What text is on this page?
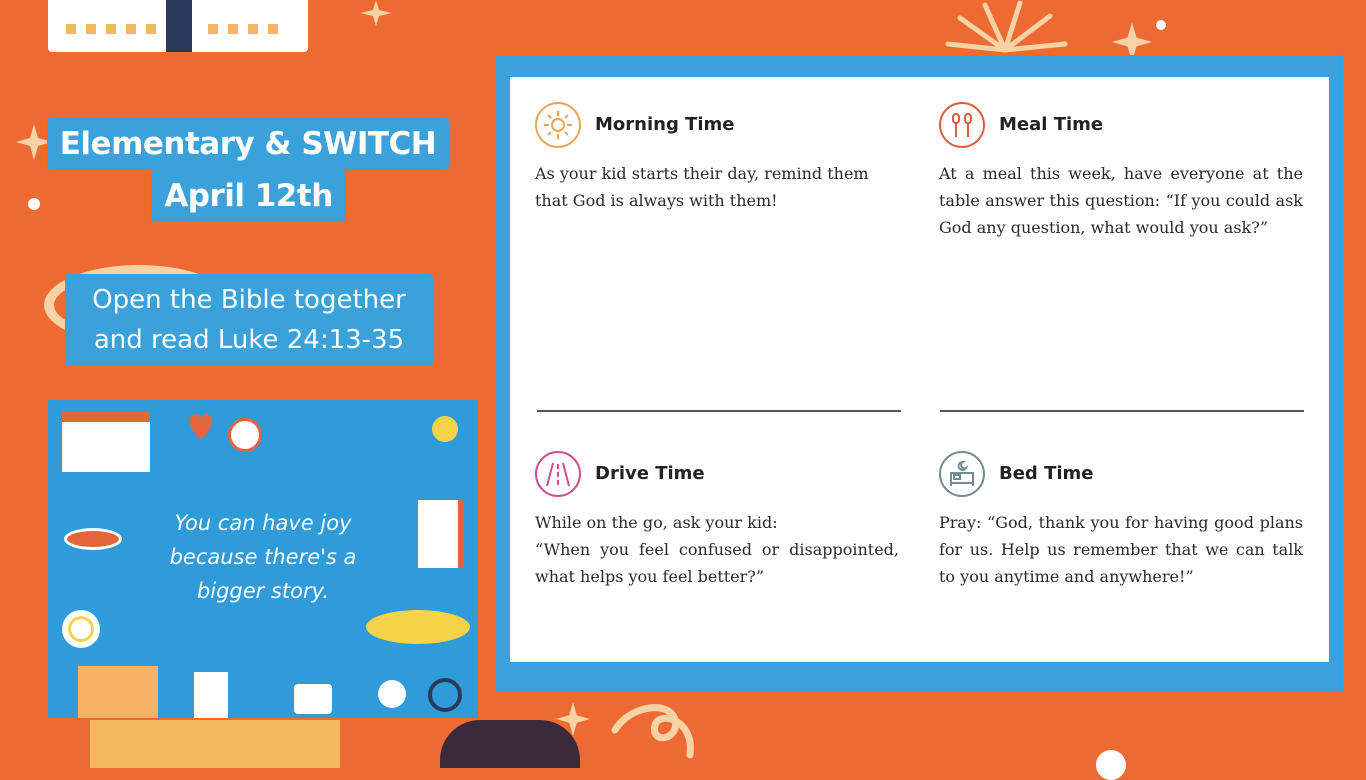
Elementary & SWITCH
April 12th
Open the Bible together
and read Luke 24:13-35
You can have joy
because there's a
bigger story.
Morning Time
As your kid starts their day, remind them that God is always with them!
Meal Time
At a meal this week, have everyone at the table answer this question: “If you could ask God any question, what would you ask?”
Drive Time
While on the go, ask your kid:
“When you feel confused or disappointed, what helps you feel better?”
Bed Time
Pray: “God, thank you for having good plans for us. Help us remember that we can talk to you anytime and anywhere!”
